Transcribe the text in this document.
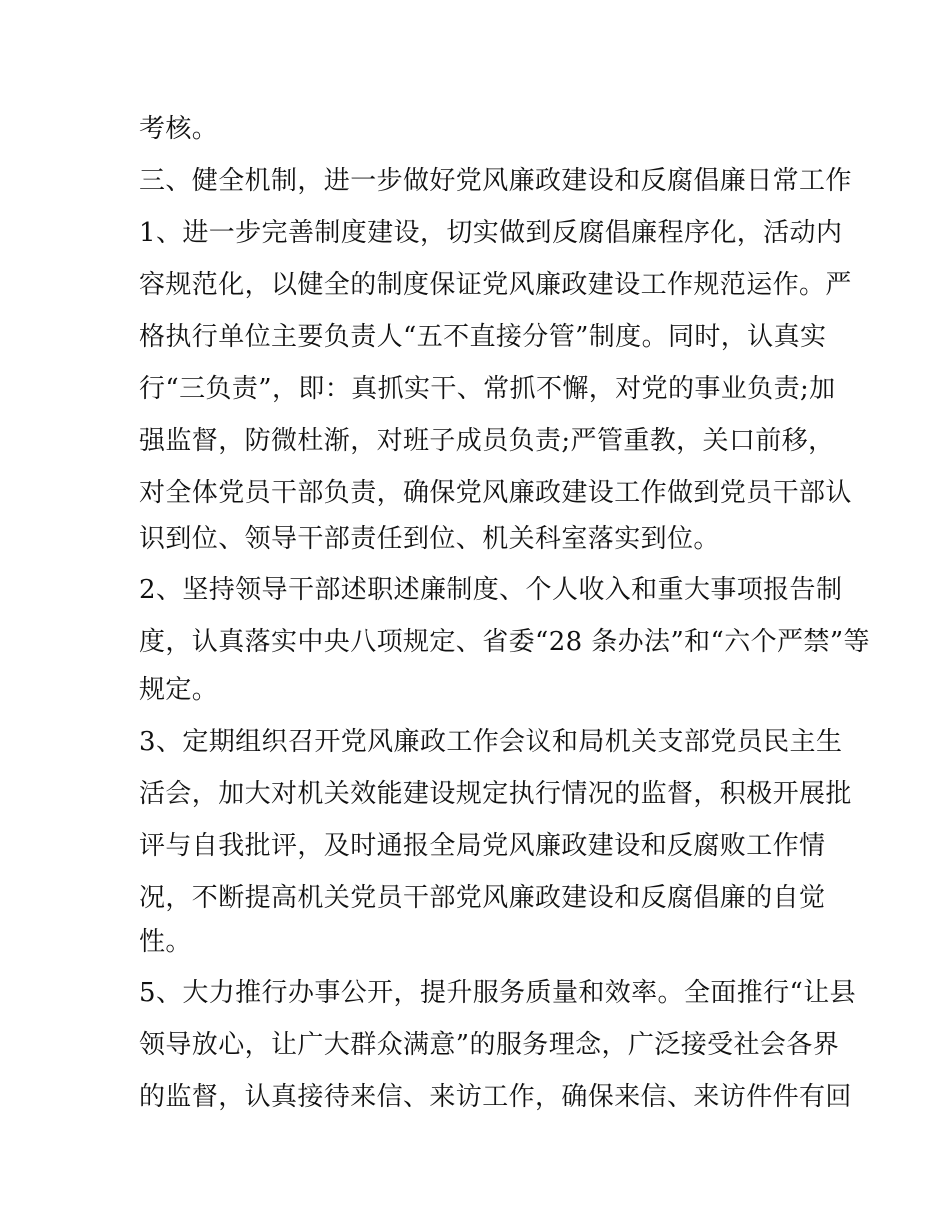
考核。
三、健全机制，进一步做好党风廉政建设和反腐倡廉日常工作
1、进一步完善制度建设，切实做到反腐倡廉程序化，活动内
容规范化，以健全的制度保证党风廉政建设工作规范运作。严
格执行单位主要负责人“五不直接分管”制度。同时，认真实
行“三负责”，即：真抓实干、常抓不懈，对党的事业负责;加
强监督，防微杜渐，对班子成员负责;严管重教，关口前移，
对全体党员干部负责，确保党风廉政建设工作做到党员干部认
识到位、领导干部责任到位、机关科室落实到位。
2、坚持领导干部述职述廉制度、个人收入和重大事项报告制
度，认真落实中央八项规定、省委“28 条办法”和“六个严禁”等
规定。
3、定期组织召开党风廉政工作会议和局机关支部党员民主生
活会，加大对机关效能建设规定执行情况的监督，积极开展批
评与自我批评，及时通报全局党风廉政建设和反腐败工作情
况，不断提高机关党员干部党风廉政建设和反腐倡廉的自觉
性。
5、大力推行办事公开，提升服务质量和效率。全面推行“让县
领导放心，让广大群众满意”的服务理念，广泛接受社会各界
的监督，认真接待来信、来访工作，确保来信、来访件件有回
